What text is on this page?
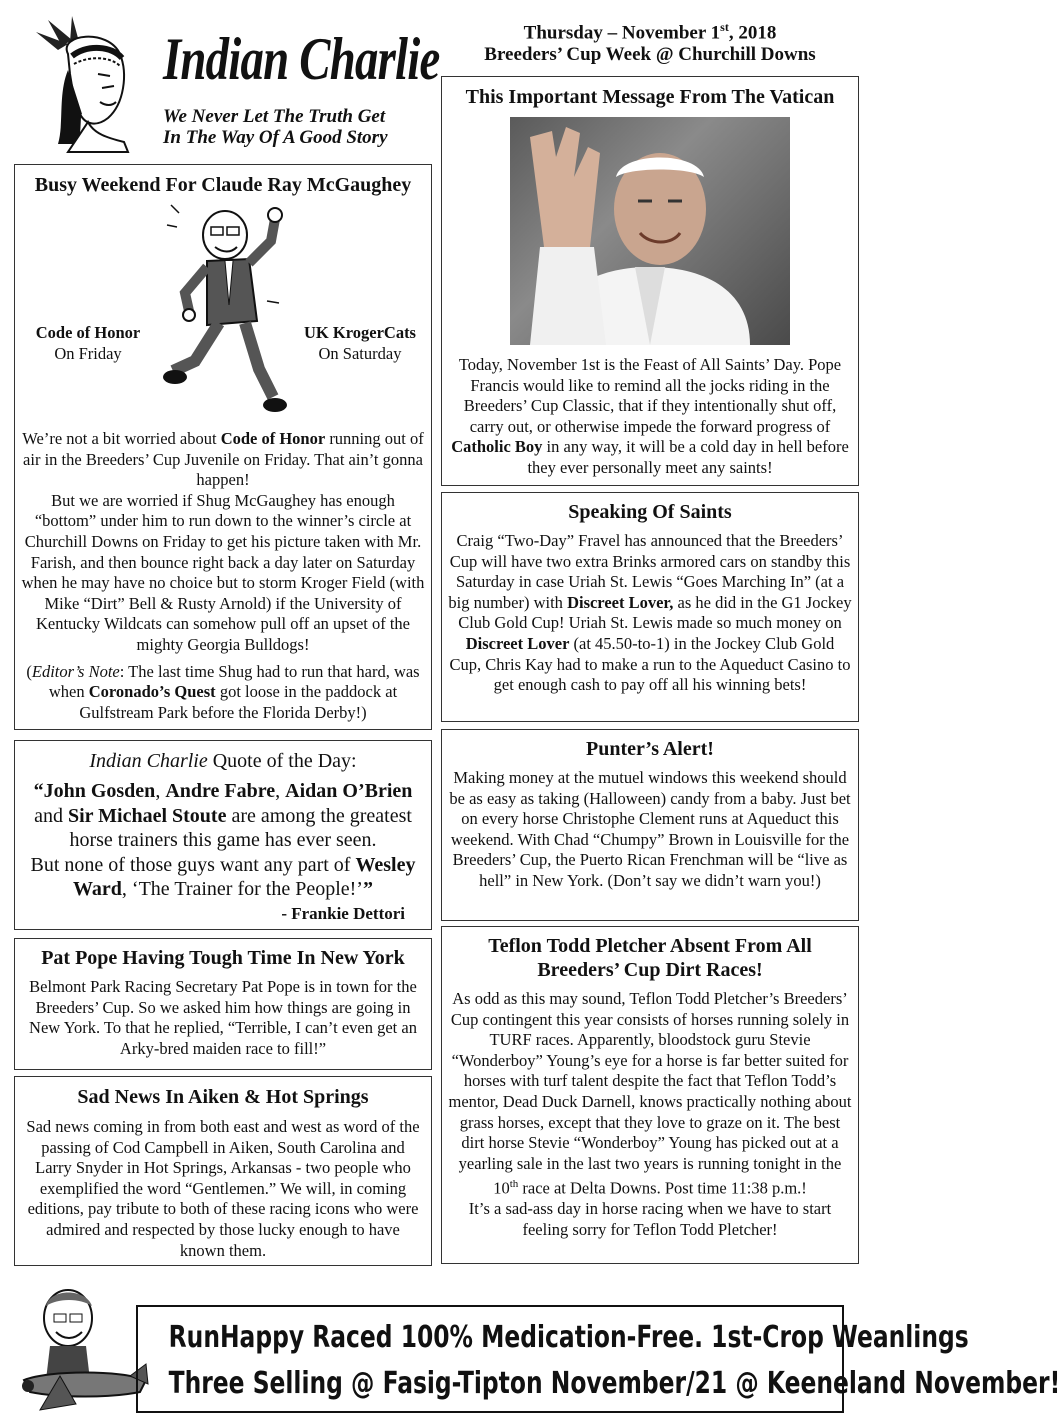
Indian Charlie
We Never Let The Truth Get
In The Way Of A Good Story
Thursday – November 1st, 2018
Breeders’ Cup Week @ Churchill Downs
Busy Weekend For Claude Ray McGaughey
Code of Honor
On Friday
UK KrogerCats
On Saturday

We’re not a bit worried about Code of Honor running out of air in the Breeders’ Cup Juvenile on Friday. That ain’t gonna happen!

But we are worried if Shug McGaughey has enough “bottom” under him to run down to the winner’s circle at Churchill Downs on Friday to get his picture taken with Mr. Farish, and then bounce right back a day later on Saturday when he may have no choice but to storm Kroger Field (with Mike “Dirt” Bell & Rusty Arnold) if the University of Kentucky Wildcats can somehow pull off an upset of the mighty Georgia Bulldogs!

(Editor’s Note: The last time Shug had to run that hard, was when Coronado’s Quest got loose in the paddock at Gulfstream Park before the Florida Derby!)

Indian Charlie Quote of the Day:
“John Gosden, Andre Fabre, Aidan O’Brien and Sir Michael Stoute are among the greatest horse trainers this game has ever seen.
But none of those guys want any part of Wesley Ward, ‘The Trainer for the People!’”
- Frankie Dettori
Pat Pope Having Tough Time In New York
Belmont Park Racing Secretary Pat Pope is in town for the Breeders’ Cup. So we asked him how things are going in New York. To that he replied, “Terrible, I can’t even get an Arky-bred maiden race to fill!”
Sad News In Aiken & Hot Springs
Sad news coming in from both east and west as word of the passing of Cod Campbell in Aiken, South Carolina and Larry Snyder in Hot Springs, Arkansas - two people who exemplified the word “Gentlemen.” We will, in coming editions, pay tribute to both of these racing icons who were admired and respected by those lucky enough to have known them.
This Important Message From The Vatican
Today, November 1st is the Feast of All Saints’ Day. Pope Francis would like to remind all the jocks riding in the Breeders’ Cup Classic, that if they intentionally shut off, carry out, or otherwise impede the forward progress of Catholic Boy in any way, it will be a cold day in hell before they ever personally meet any saints!
Speaking Of Saints
Craig “Two-Day” Fravel has announced that the Breeders’ Cup will have two extra Brinks armored cars on standby this Saturday in case Uriah St. Lewis “Goes Marching In” (at a big number) with Discreet Lover, as he did in the G1 Jockey Club Gold Cup! Uriah St. Lewis made so much money on Discreet Lover (at 45.50-to-1) in the Jockey Club Gold Cup, Chris Kay had to make a run to the Aqueduct Casino to get enough cash to pay off all his winning bets!
Punter’s Alert!
Making money at the mutuel windows this weekend should be as easy as taking (Halloween) candy from a baby. Just bet on every horse Christophe Clement runs at Aqueduct this weekend. With Chad “Chumpy” Brown in Louisville for the Breeders’ Cup, the Puerto Rican Frenchman will be “live as hell” in New York. (Don’t say we didn’t warn you!)
Teflon Todd Pletcher Absent From All
Breeders’ Cup Dirt Races!

As odd as this may sound, Teflon Todd Pletcher’s Breeders’ Cup contingent this year consists of horses running solely in TURF races. Apparently, bloodstock guru Stevie “Wonderboy” Young’s eye for a horse is far better suited for horses with turf talent despite the fact that Teflon Todd’s mentor, Dead Duck Darnell, knows practically nothing about grass horses, except that they love to graze on it. The best dirt horse Stevie “Wonderboy” Young has picked out at a yearling sale in the last two years is running tonight in the 10th race at Delta Downs. Post time 11:38 p.m.!

It’s a sad-ass day in horse racing when we have to start feeling sorry for Teflon Todd Pletcher!

RunHappy Raced 100% Medication-Free. 1st-Crop Weanlings
Three Selling @ Fasig-Tipton November/21 @ Keeneland November!
